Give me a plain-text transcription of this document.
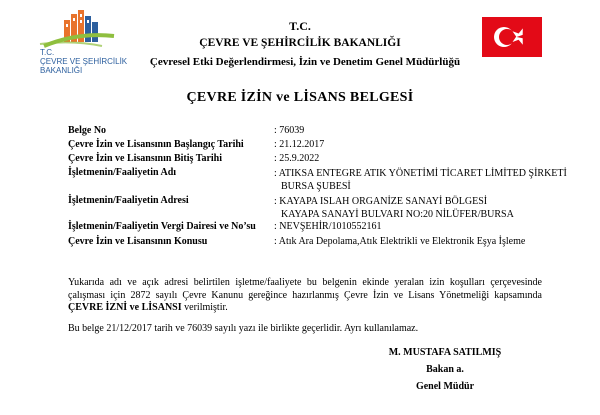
T.C.
ÇEVRE VE ŞEHİRCİLİK
BAKANLIĞI
T.C.
ÇEVRE VE ŞEHİRCİLİK BAKANLIĞI
Çevresel Etki Değerlendirmesi, İzin ve Denetim Genel Müdürlüğü
ÇEVRE İZİN ve LİSANS BELGESİ
Belge No	: 76039
Çevre İzin ve Lisansının Başlangıç Tarihi	: 21.12.2017
Çevre İzin ve Lisansının Bitiş Tarihi	: 25.9.2022
İşletmenin/Faaliyetin Adı	: ATIKSA ENTEGRE ATIK YÖNETİMİ TİCARET LİMİTED ŞİRKETİ
BURSA ŞUBESİ
İşletmenin/Faaliyetin Adresi	: KAYAPA ISLAH ORGANİZE SANAYİ BÖLGESİ
KAYAPA SANAYİ BULVARI NO:20 NİLÜFER/BURSA
İşletmenin/Faaliyetin Vergi Dairesi ve No’su : NEVŞEHİR/1010552161
Çevre İzin ve Lisansının Konusu	: Atık Ara Depolama,Atık Elektrikli ve Elektronik Eşya İşleme
Yukarıda adı ve açık adresi belirtilen işletme/faaliyete bu belgenin ekinde yeralan izin koşulları çerçevesinde çalışması için 2872 sayılı Çevre Kanunu gereğince hazırlanmış Çevre İzin ve Lisans Yönetmeliği kapsamında ÇEVRE İZNİ ve LİSANSI verilmiştir.
Bu belge 21/12/2017 tarih ve 76039 sayılı yazı ile birlikte geçerlidir. Ayrı kullanılamaz.
M. MUSTAFA SATILMIŞ
Bakan a.
Genel Müdür
